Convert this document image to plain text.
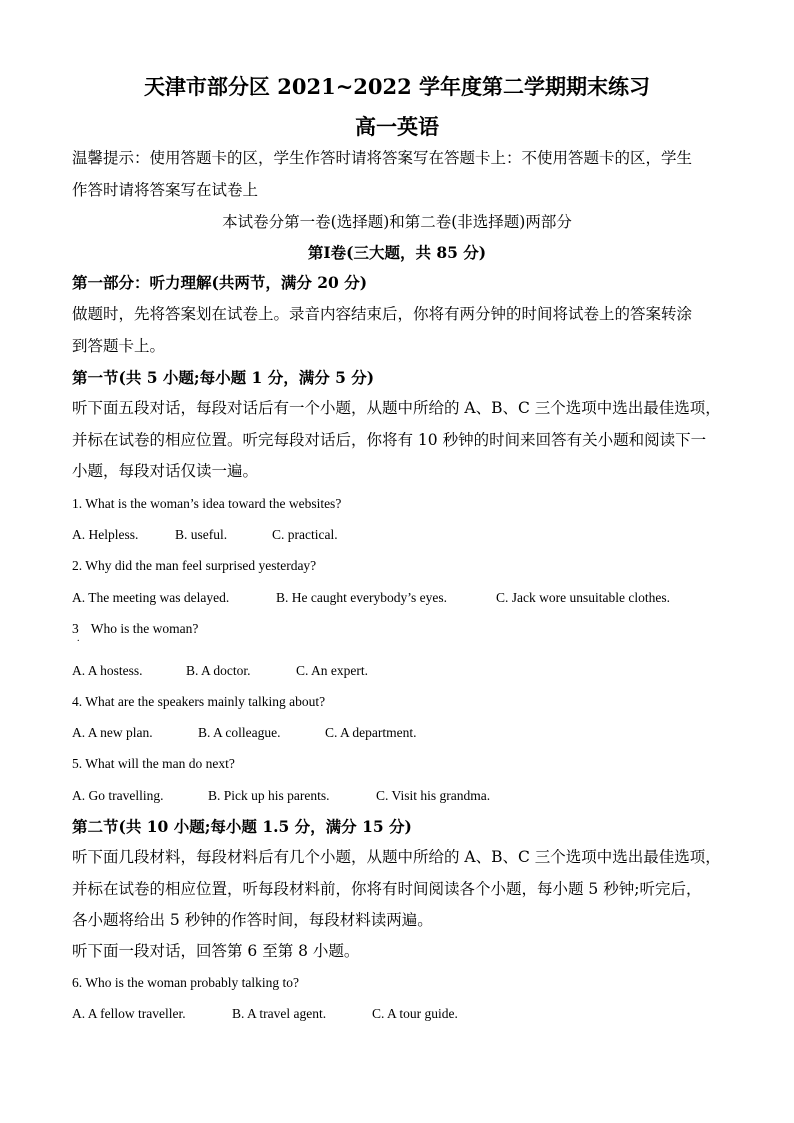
天津市部分区 2021~2022 学年度第二学期期末练习
高一英语
温馨提示：使用答题卡的区，学生作答时请将答案写在答题卡上：不使用答题卡的区，学生
作答时请将答案写在试卷上
本试卷分第一卷(选择题)和第二卷(非选择题)两部分
第Ⅰ卷(三大题，共 85 分)
第一部分：听力理解(共两节，满分 20 分)
做题时，先将答案划在试卷上。录音内容结束后，你将有两分钟的时间将试卷上的答案转涂
到答题卡上。
第一节(共 5 小题;每小题 1 分，满分 5 分)
听下面五段对话，每段对话后有一个小题，从题中所给的 A、B、C 三个选项中选出最佳选项，
并标在试卷的相应位置。听完每段对话后，你将有 10 秒钟的时间来回答有关小题和阅读下一
小题，每段对话仅读一遍。
1. What is the woman’s idea toward the websites?
A. Helpless.	B. useful.	C. practical.
2. Why did the man feel surprised yesterday?
A. The meeting was delayed.	B. He caught everybody’s eyes.	C. Jack wore unsuitable clothes.
3 Who is the woman?
.
A. A hostess.	B. A doctor.	C. An expert.
4. What are the speakers mainly talking about?
A. A new plan.	B. A colleague.	C. A department.
5. What will the man do next?
A. Go travelling.	B. Pick up his parents.	C. Visit his grandma.
第二节(共 10 小题;每小题 1.5 分，满分 15 分)
听下面几段材料，每段材料后有几个小题，从题中所给的 A、B、C 三个选项中选出最佳选项，
并标在试卷的相应位置，听每段材料前，你将有时间阅读各个小题，每小题 5 秒钟;听完后，
各小题将给出 5 秒钟的作答时间，每段材料读两遍。
听下面一段对话，回答第 6 至第 8 小题。
6. Who is the woman probably talking to?
A. A fellow traveller.	B. A travel agent.	C. A tour guide.
